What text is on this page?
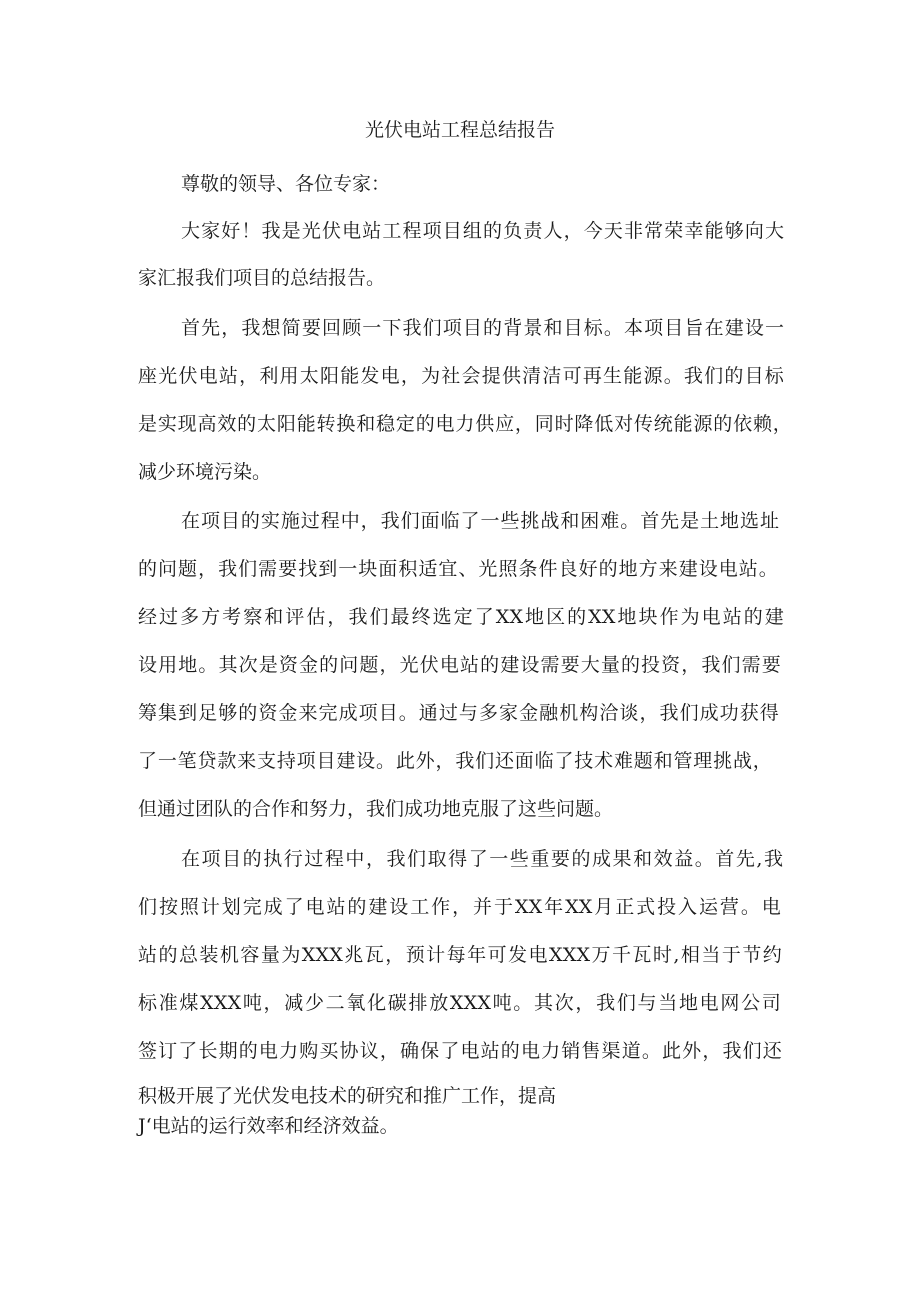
光伏电站工程总结报告
尊敬的领导、各位专家：
大家好！我是光伏电站工程项目组的负责人，今天非常荣幸能够向大
家汇报我们项目的总结报告。
首先，我想简要回顾一下我们项目的背景和目标。本项目旨在建设一
座光伏电站，利用太阳能发电，为社会提供清洁可再生能源。我们的目标
是实现高效的太阳能转换和稳定的电力供应，同时降低对传统能源的依赖，
减少环境污染。
在项目的实施过程中，我们面临了一些挑战和困难。首先是土地选址
的问题，我们需要找到一块面积适宜、光照条件良好的地方来建设电站。
经过多方考察和评估，我们最终选定了XX地区的XX地块作为电站的建
设用地。其次是资金的问题，光伏电站的建设需要大量的投资，我们需要
筹集到足够的资金来完成项目。通过与多家金融机构洽谈，我们成功获得
了一笔贷款来支持项目建设。此外，我们还面临了技术难题和管理挑战，
但通过团队的合作和努力，我们成功地克服了这些问题。
在项目的执行过程中，我们取得了一些重要的成果和效益。首先,我
们按照计划完成了电站的建设工作，并于XX年XX月正式投入运营。电
站的总装机容量为XXX兆瓦，预计每年可发电XXX万千瓦时,相当于节约
标准煤XXX吨，减少二氧化碳排放XXX吨。其次，我们与当地电网公司
签订了长期的电力购买协议，确保了电站的电力销售渠道。此外，我们还
积极开展了光伏发电技术的研究和推广工作，提高
J‘电站的运行效率和经济效益。
